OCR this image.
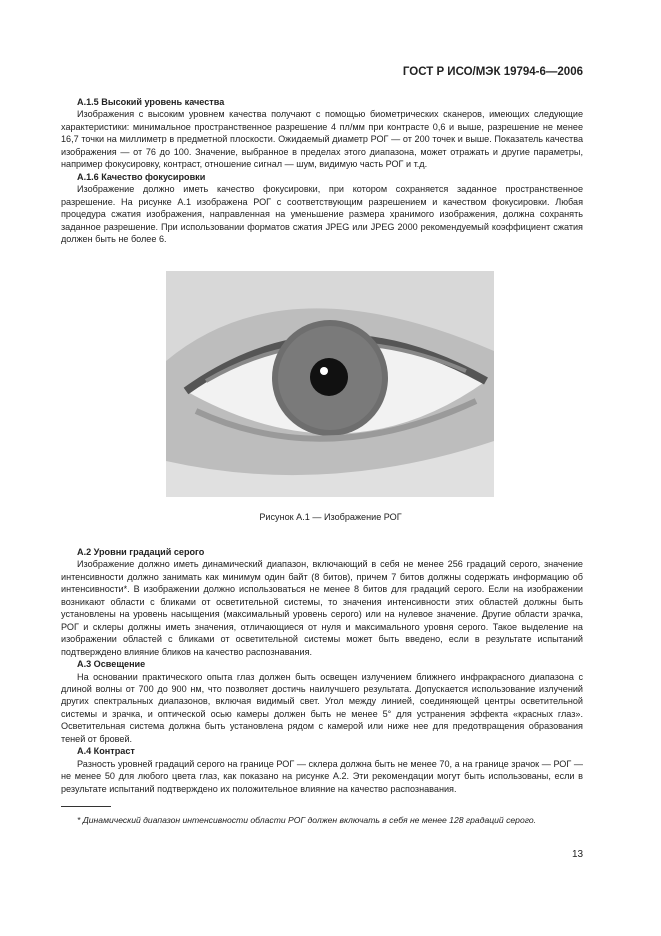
ГОСТ Р ИСО/МЭК 19794-6—2006
А.1.5 Высокий уровень качества

Изображения с высоким уровнем качества получают с помощью биометрических сканеров, имеющих следующие характеристики: минимальное пространственное разрешение 4 пл/мм при контрасте 0,6 и выше, разрешение не менее 16,7 точки на миллиметр в предметной плоскости. Ожидаемый диаметр РОГ — от 200 точек и выше. Показатель качества изображения — от 76 до 100. Значение, выбранное в пределах этого диапазона, может отражать и другие параметры, например фокусировку, контраст, отношение сигнал — шум, видимую часть РОГ и т.д.

А.1.6 Качество фокусировки

Изображение должно иметь качество фокусировки, при котором сохраняется заданное пространственное разрешение. На рисунке А.1 изображена РОГ с соответствующим разрешением и качеством фокусировки. Любая процедура сжатия изображения, направленная на уменьшение размера хранимого изображения, должна сохранять заданное разрешение. При использовании форматов сжатия JPEG или JPEG 2000 рекомендуемый коэффициент сжатия должен быть не более 6.

Рисунок А.1 — Изображение РОГ
А.2 Уровни градаций серого

Изображение должно иметь динамический диапазон, включающий в себя не менее 256 градаций серого, значение интенсивности должно занимать как минимум один байт (8 битов), причем 7 битов должны содержать информацию об интенсивности*. В изображении должно использоваться не менее 8 битов для градаций серого. Если на изображении возникают области с бликами от осветительной системы, то значения интенсивности этих областей должны быть установлены на уровень насыщения (максимальный уровень серого) или на нулевое значение. Другие области зрачка, РОГ и склеры должны иметь значения, отличающиеся от нуля и максимального уровня серого. Такое выделение на изображении областей с бликами от осветительной системы может быть введено, если в результате испытаний подтверждено влияние бликов на качество распознавания.

А.3 Освещение

На основании практического опыта глаз должен быть освещен излучением ближнего инфракрасного диапазона с длиной волны от 700 до 900 нм, что позволяет достичь наилучшего результата. Допускается использование излучений других спектральных диапазонов, включая видимый свет. Угол между линией, соединяющей центры осветительной системы и зрачка, и оптической осью камеры должен быть не менее 5° для устранения эффекта «красных глаз». Осветительная система должна быть установлена рядом с камерой или ниже нее для предотвращения образования теней от бровей.

А.4 Контраст

Разность уровней градаций серого на границе РОГ — склера должна быть не менее 70, а на границе зрачок — РОГ — не менее 50 для любого цвета глаз, как показано на рисунке А.2. Эти рекомендации могут быть использованы, если в результате испытаний подтверждено их положительное влияние на качество распознавания.

* Динамический диапазон интенсивности области РОГ должен включать в себя не менее 128 градаций серого.

13
